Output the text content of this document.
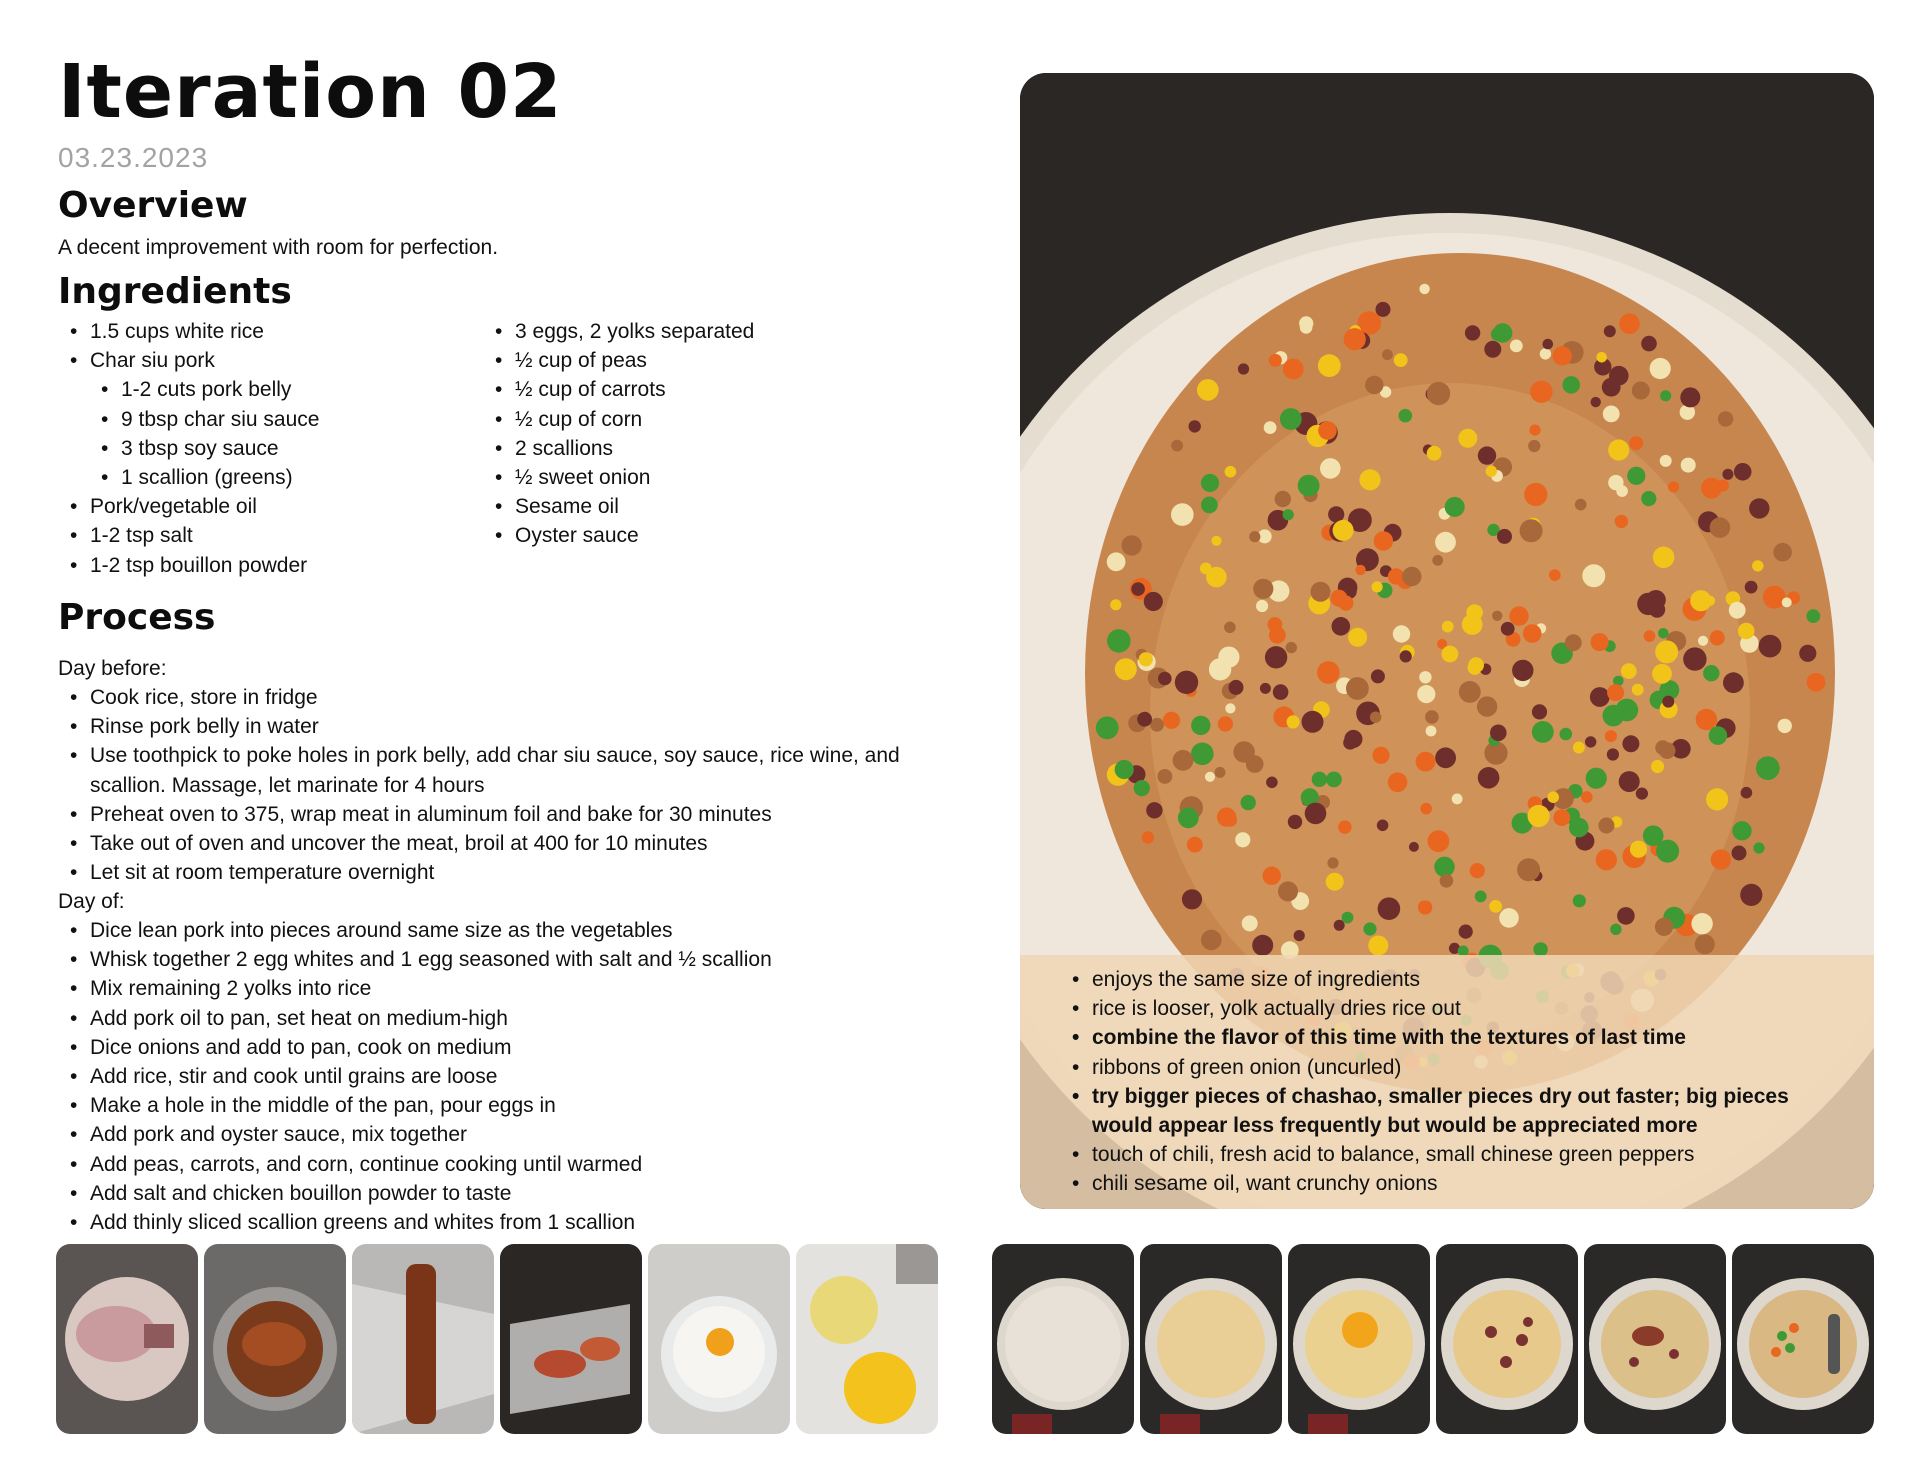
Iteration 02
03.23.2023
Overview

A decent improvement with room for perfection.

Ingredients
• 1.5 cups white rice
• Char siu pork
• 1-2 cuts pork belly
• 9 tbsp char siu sauce
• 3 tbsp soy sauce
• 1 scallion (greens)
• Pork/vegetable oil
• 1-2 tsp salt
• 1-2 tsp bouillon powder
• 3 eggs, 2 yolks separated
• ½ cup of peas
• ½ cup of carrots
• ½ cup of corn
• 2 scallions
• ½ sweet onion
• Sesame oil
• Oyster sauce
Process

Day before:

• Cook rice, store in fridge
• Rinse pork belly in water
• Use toothpick to poke holes in pork belly, add char siu sauce, soy sauce, rice wine, and scallion. Massage, let marinate for 4 hours
• Preheat oven to 375, wrap meat in aluminum foil and bake for 30 minutes
• Take out of oven and uncover the meat, broil at 400 for 10 minutes
• Let sit at room temperature overnight

Day of:

• Dice lean pork into pieces around same size as the vegetables
• Whisk together 2 egg whites and 1 egg seasoned with salt and ½ scallion
• Mix remaining 2 yolks into rice
• Add pork oil to pan, set heat on medium-high
• Dice onions and add to pan, cook on medium
• Add rice, stir and cook until grains are loose
• Make a hole in the middle of the pan, pour eggs in
• Add pork and oyster sauce, mix together
• Add peas, carrots, and corn, continue cooking until warmed
• Add salt and chicken bouillon powder to taste
• Add thinly sliced scallion greens and whites from 1 scallion
• enjoys the same size of ingredients
• rice is looser, yolk actually dries rice out
• combine the flavor of this time with the textures of last time
• ribbons of green onion (uncurled)
• try bigger pieces of chashao, smaller pieces dry out faster; big pieces would appear less frequently but would be appreciated more
• touch of chili, fresh acid to balance, small chinese green peppers
• chili sesame oil, want crunchy onions
